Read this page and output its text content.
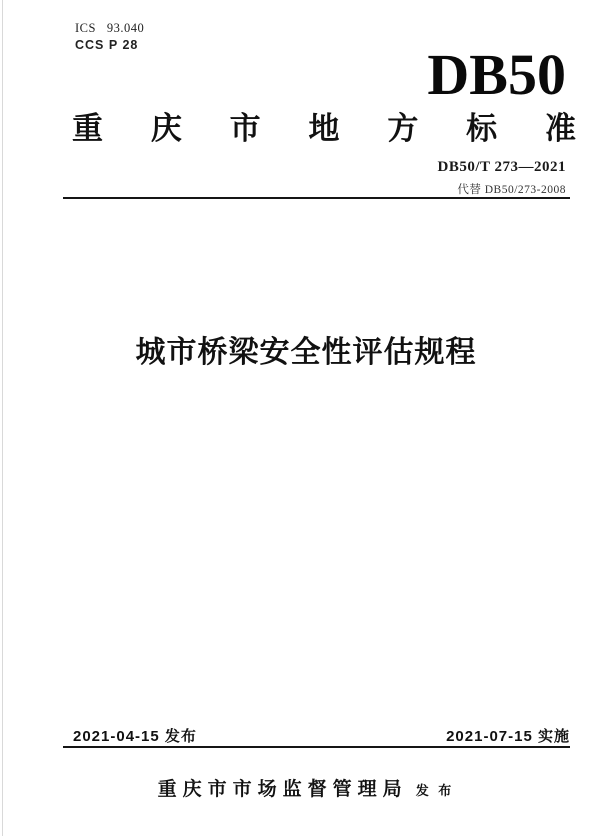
ICS   93.040
CCS P 28	DB50
重 庆 市 地 方 标 准
DB50/T 273—2021
代替 DB50/273-2008
城市桥梁安全性评估规程
2021-04-15 发布	2021-07-15 实施
重庆市市场监督管理局 发 布
